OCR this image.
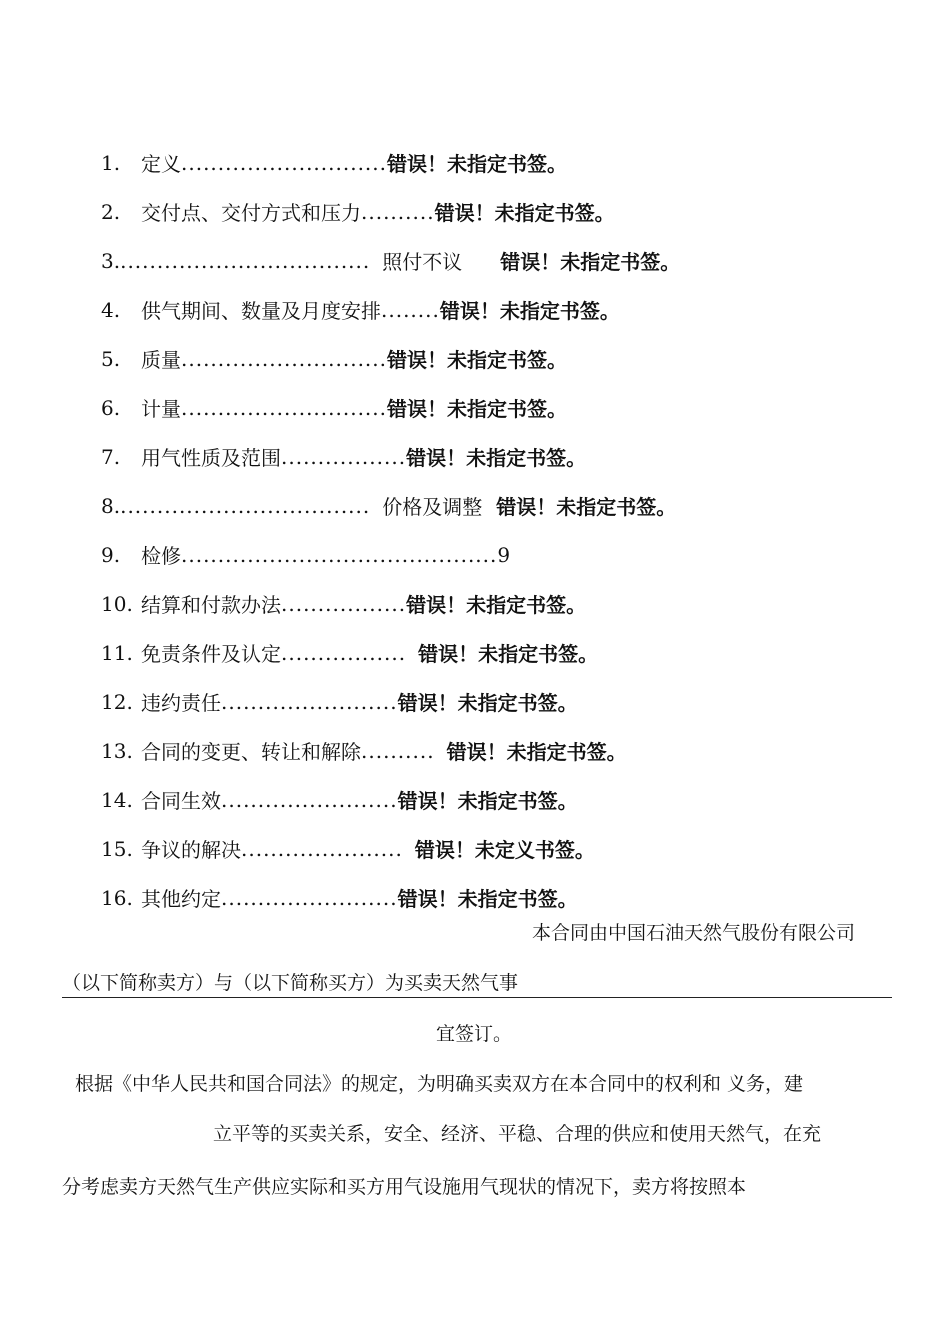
1.	定义 ............................ 错误！未指定书签。
2.	交付点、交付方式和压力 .......... 错误！未指定书签。
3. .................................. 照付不议 错误！未指定书签。
4.	供气期间、数量及月度安排 ........ 错误！未指定书签。
5.	质量 ............................ 错误！未指定书签。
6.	计量 ............................ 错误！未指定书签。
7.	用气性质及范围 ................. 错误！未指定书签。
8. .................................. 价格及调整 错误！未指定书签。
9.	检修 ........................................... 9
10. 结算和付款办法 ................. 错误！未指定书签。
11. 免责条件及认定 ................. 错误！未指定书签。
12. 违约责任 ........................ 错误！未指定书签。
13. 合同的变更、转让和解除 .......... 错误！未指定书签。
14. 合同生效 ........................ 错误！未指定书签。
15. 争议的解决 ...................... 错误！未定义书签。
16. 其他约定 ........................ 错误！未指定书签。
本合同由中国石油天然气股份有限公司
（以下简称卖方）与（以下简称买方）为买卖天然气事
宜签订。
根据《中华人民共和国合同法》的规定，为明确买卖双方在本合同中的权利和 义务，建
立平等的买卖关系，安全、经济、平稳、合理的供应和使用天然气，在充
分考虑卖方天然气生产供应实际和买方用气设施用气现状的情况下，卖方将按照本
